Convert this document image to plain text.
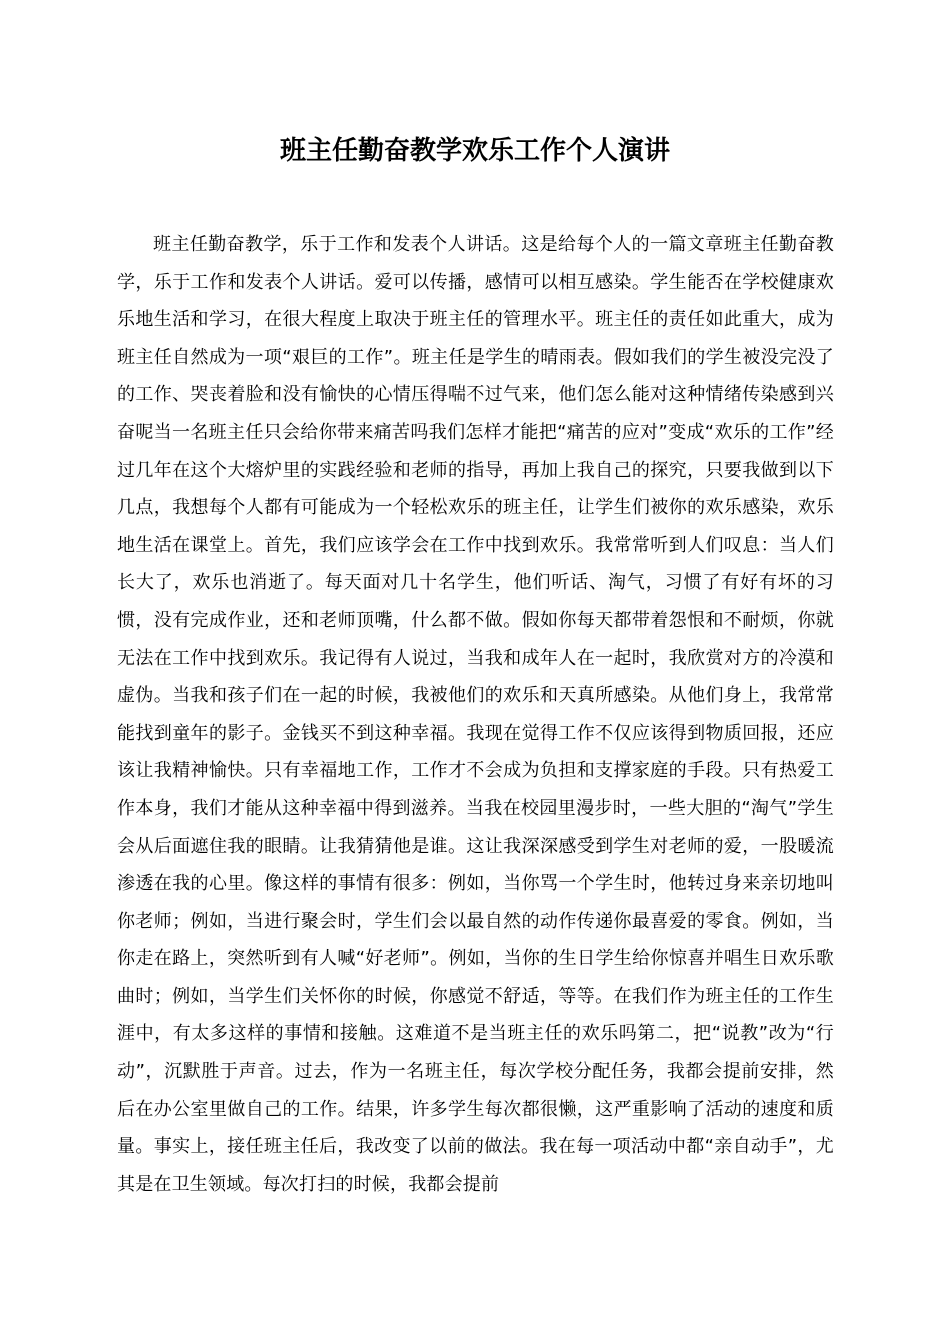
班主任勤奋教学欢乐工作个人演讲

班主任勤奋教学，乐于工作和发表个人讲话。这是给每个人的一篇文章班主任勤奋教学，乐于工作和发表个人讲话。爱可以传播，感情可以相互感染。学生能否在学校健康欢乐地生活和学习，在很大程度上取决于班主任的管理水平。班主任的责任如此重大，成为班主任自然成为一项“艰巨的工作”。班主任是学生的晴雨表。假如我们的学生被没完没了的工作、哭丧着脸和没有愉快的心情压得喘不过气来，他们怎么能对这种情绪传染感到兴奋呢当一名班主任只会给你带来痛苦吗我们怎样才能把“痛苦的应对”变成“欢乐的工作”经过几年在这个大熔炉里的实践经验和老师的指导，再加上我自己的探究，只要我做到以下几点，我想每个人都有可能成为一个轻松欢乐的班主任，让学生们被你的欢乐感染，欢乐地生活在课堂上。首先，我们应该学会在工作中找到欢乐。我常常听到人们叹息：当人们长大了，欢乐也消逝了。每天面对几十名学生，他们听话、淘气，习惯了有好有坏的习惯，没有完成作业，还和老师顶嘴，什么都不做。假如你每天都带着怨恨和不耐烦，你就无法在工作中找到欢乐。我记得有人说过，当我和成年人在一起时，我欣赏对方的冷漠和虚伪。当我和孩子们在一起的时候，我被他们的欢乐和天真所感染。从他们身上，我常常能找到童年的影子。金钱买不到这种幸福。我现在觉得工作不仅应该得到物质回报，还应该让我精神愉快。只有幸福地工作，工作才不会成为负担和支撑家庭的手段。只有热爱工作本身，我们才能从这种幸福中得到滋养。当我在校园里漫步时，一些大胆的“淘气”学生会从后面遮住我的眼睛。让我猜猜他是谁。这让我深深感受到学生对老师的爱，一股暖流渗透在我的心里。像这样的事情有很多：例如，当你骂一个学生时，他转过身来亲切地叫你老师；例如，当进行聚会时，学生们会以最自然的动作传递你最喜爱的零食。例如，当你走在路上，突然听到有人喊“好老师”。例如，当你的生日学生给你惊喜并唱生日欢乐歌曲时；例如，当学生们关怀你的时候，你感觉不舒适，等等。在我们作为班主任的工作生涯中，有太多这样的事情和接触。这难道不是当班主任的欢乐吗第二，把“说教”改为“行动”，沉默胜于声音。过去，作为一名班主任，每次学校分配任务，我都会提前安排，然后在办公室里做自己的工作。结果，许多学生每次都很懒，这严重影响了活动的速度和质量。事实上，接任班主任后，我改变了以前的做法。我在每一项活动中都“亲自动手”，尤其是在卫生领域。每次打扫的时候，我都会提前
